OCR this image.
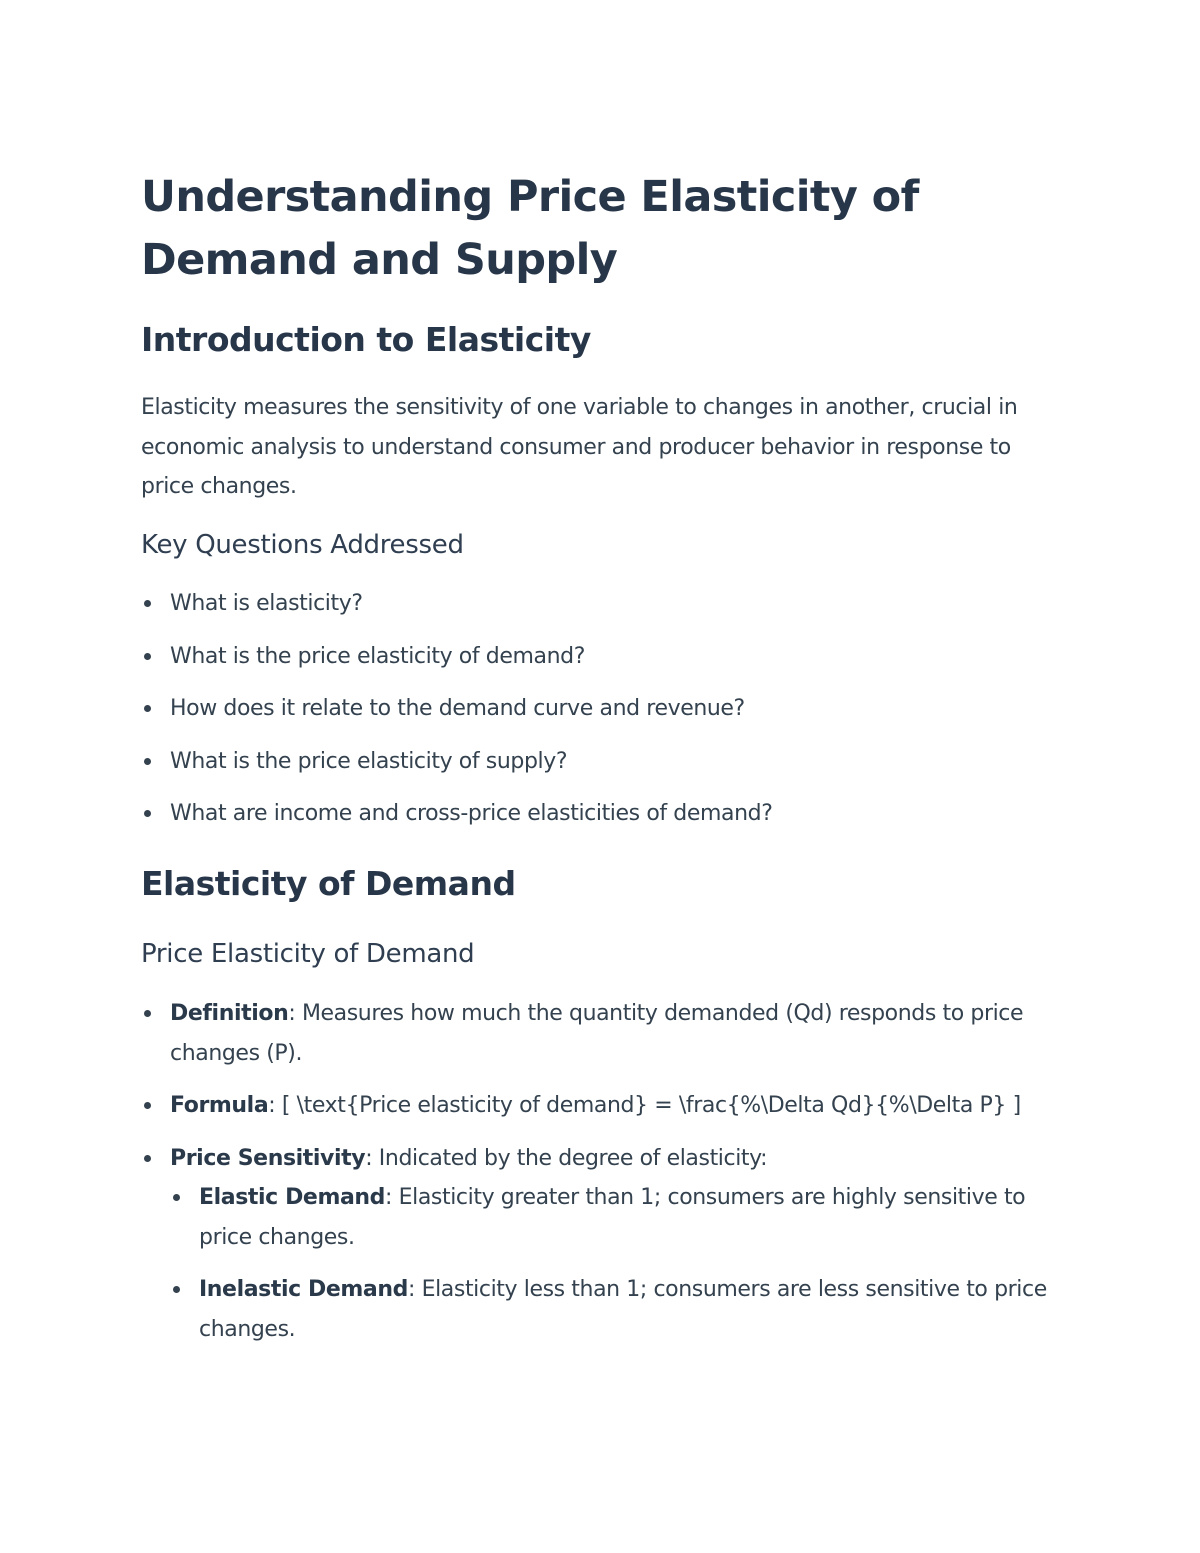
Understanding Price Elasticity of Demand and Supply
Introduction to Elasticity

Elasticity measures the sensitivity of one variable to changes in another, crucial in economic analysis to understand consumer and producer behavior in response to price changes.

Key Questions Addressed
What is elasticity?
What is the price elasticity of demand?
How does it relate to the demand curve and revenue?
What is the price elasticity of supply?
What are income and cross-price elasticities of demand?
Elasticity of Demand
Price Elasticity of Demand
Definition: Measures how much the quantity demanded (Qd) responds to price changes (P).
Formula: [ \text{Price elasticity of demand} = \frac{%\Delta Qd}{%\Delta P} ]
Price Sensitivity: Indicated by the degree of elasticity:
Elastic Demand: Elasticity greater than 1; consumers are highly sensitive to price changes.
Inelastic Demand: Elasticity less than 1; consumers are less sensitive to price changes.
